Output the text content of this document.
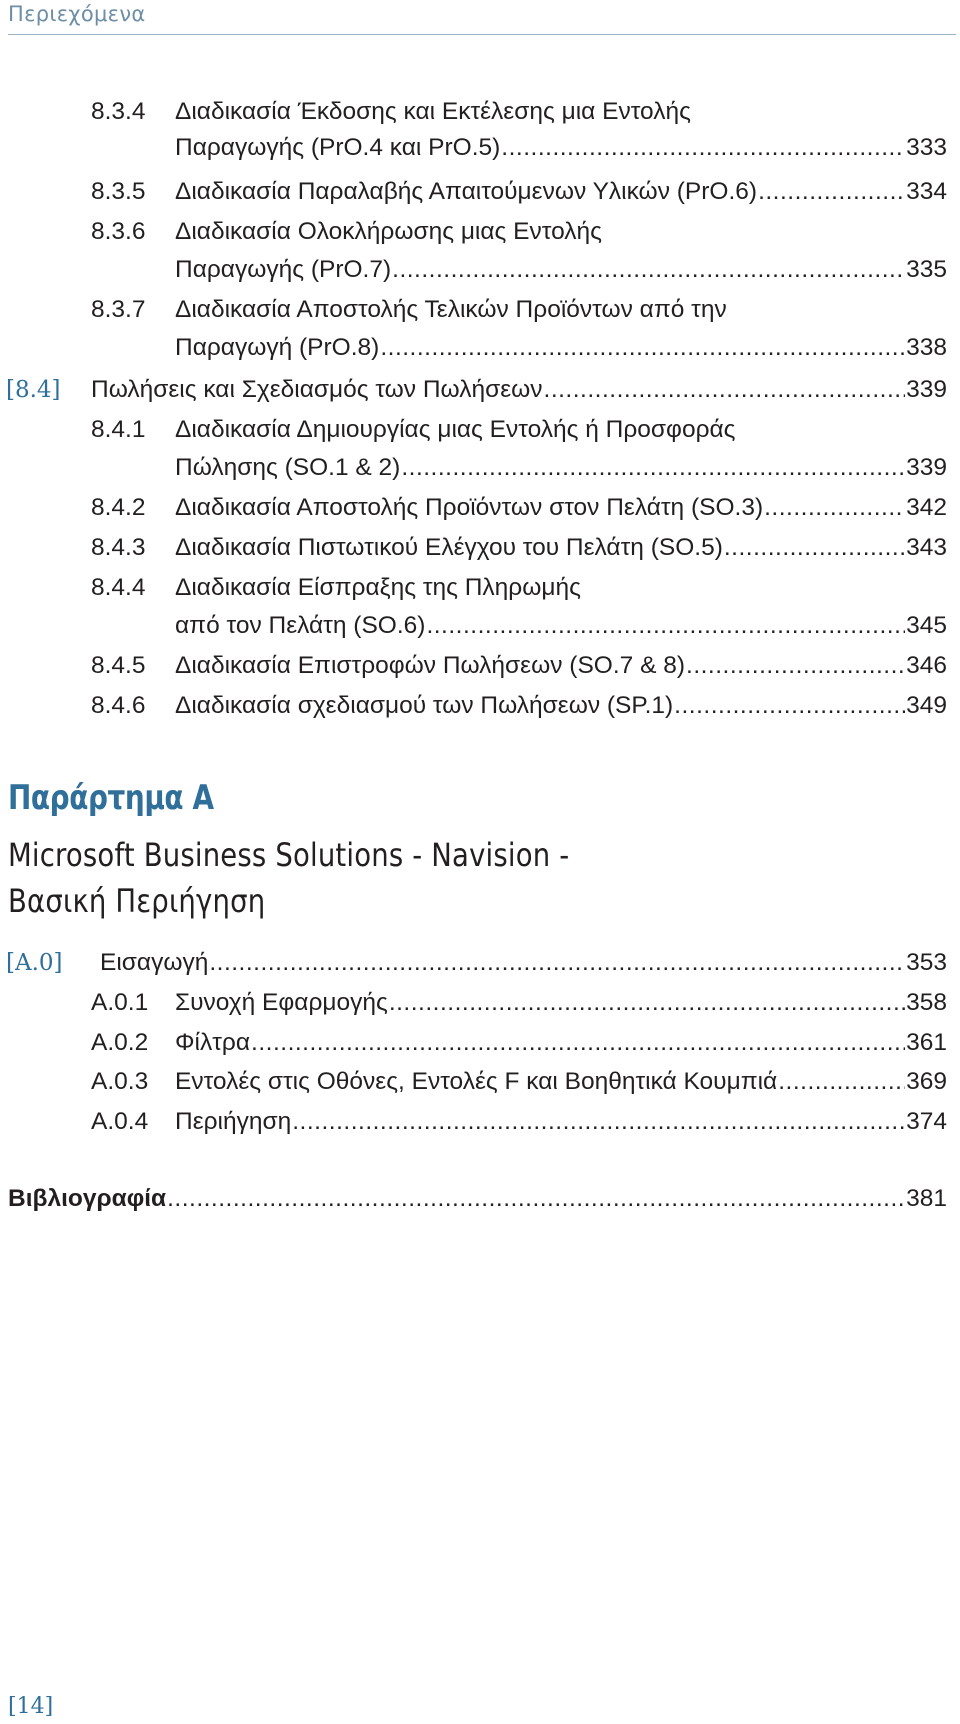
Περιεχόμενα
8.3.4 Διαδικασία Έκδοσης και Εκτέλεσης μια Εντολής
Παραγωγής (PrO.4 και PrO.5) .....	333
8.3.5 Διαδικασία Παραλαβής Απαιτούμενων Υλικών (PrO.6) .....	334
8.3.6 Διαδικασία Ολοκλήρωσης μιας Εντολής
Παραγωγής (PrO.7) .....	335
8.3.7 Διαδικασία Αποστολής Τελικών Προϊόντων από την
Παραγωγή (PrO.8) .....	338
[8.4] Πωλήσεις και Σχεδιασμός των Πωλήσεων .....	339
8.4.1 Διαδικασία Δημιουργίας μιας Εντολής ή Προσφοράς
Πώλησης (SO.1 & 2) .....	339
8.4.2 Διαδικασία Αποστολής Προϊόντων στον Πελάτη (SO.3) .....	342
8.4.3 Διαδικασία Πιστωτικού Ελέγχου του Πελάτη (SO.5) .....	343
8.4.4 Διαδικασία Είσπραξης της Πληρωμής
από τον Πελάτη (SO.6) .....	345
8.4.5 Διαδικασία Επιστροφών Πωλήσεων (SO.7 & 8) .....	346
8.4.6 Διαδικασία σχεδιασμού των Πωλήσεων (SP.1) .....	349
Παράρτημα A
Microsoft Business Solutions - Navision -
Βασική Περιήγηση
[A.0] Εισαγωγή .....	353
A.0.1 Συνοχή Εφαρμογής .....	358
A.0.2 Φίλτρα .....	361
A.0.3 Εντολές στις Οθόνες, Εντολές F και Βοηθητικά Κουμπιά .....	369
A.0.4 Περιήγηση .....	374
Βιβλιογραφία .....	381
[14]
